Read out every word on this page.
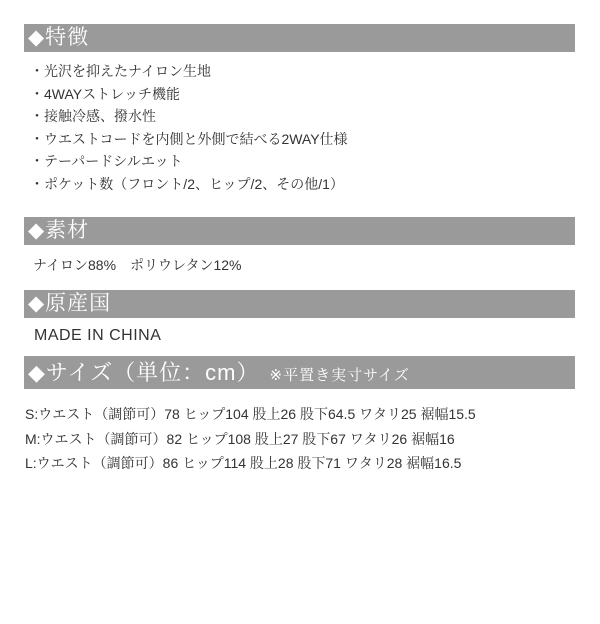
◆特徴
・光沢を抑えたナイロン生地
・4WAYストレッチ機能
・接触冷感、撥水性
・ウエストコードを内側と外側で結べる2WAY仕様
・テーパードシルエット
・ポケット数（フロント/2、ヒップ/2、その他/1）
◆素材
ナイロン88%　ポリウレタン12%
◆原産国
MADE IN CHINA
◆サイズ（単位：cm） ※平置き実寸サイズ
S:ウエスト（調節可）78 ヒップ104 股上26 股下64.5 ワタリ25 裾幅15.5
M:ウエスト（調節可）82 ヒップ108 股上27 股下67 ワタリ26 裾幅16
L:ウエスト（調節可）86 ヒップ114 股上28 股下71 ワタリ28 裾幅16.5
